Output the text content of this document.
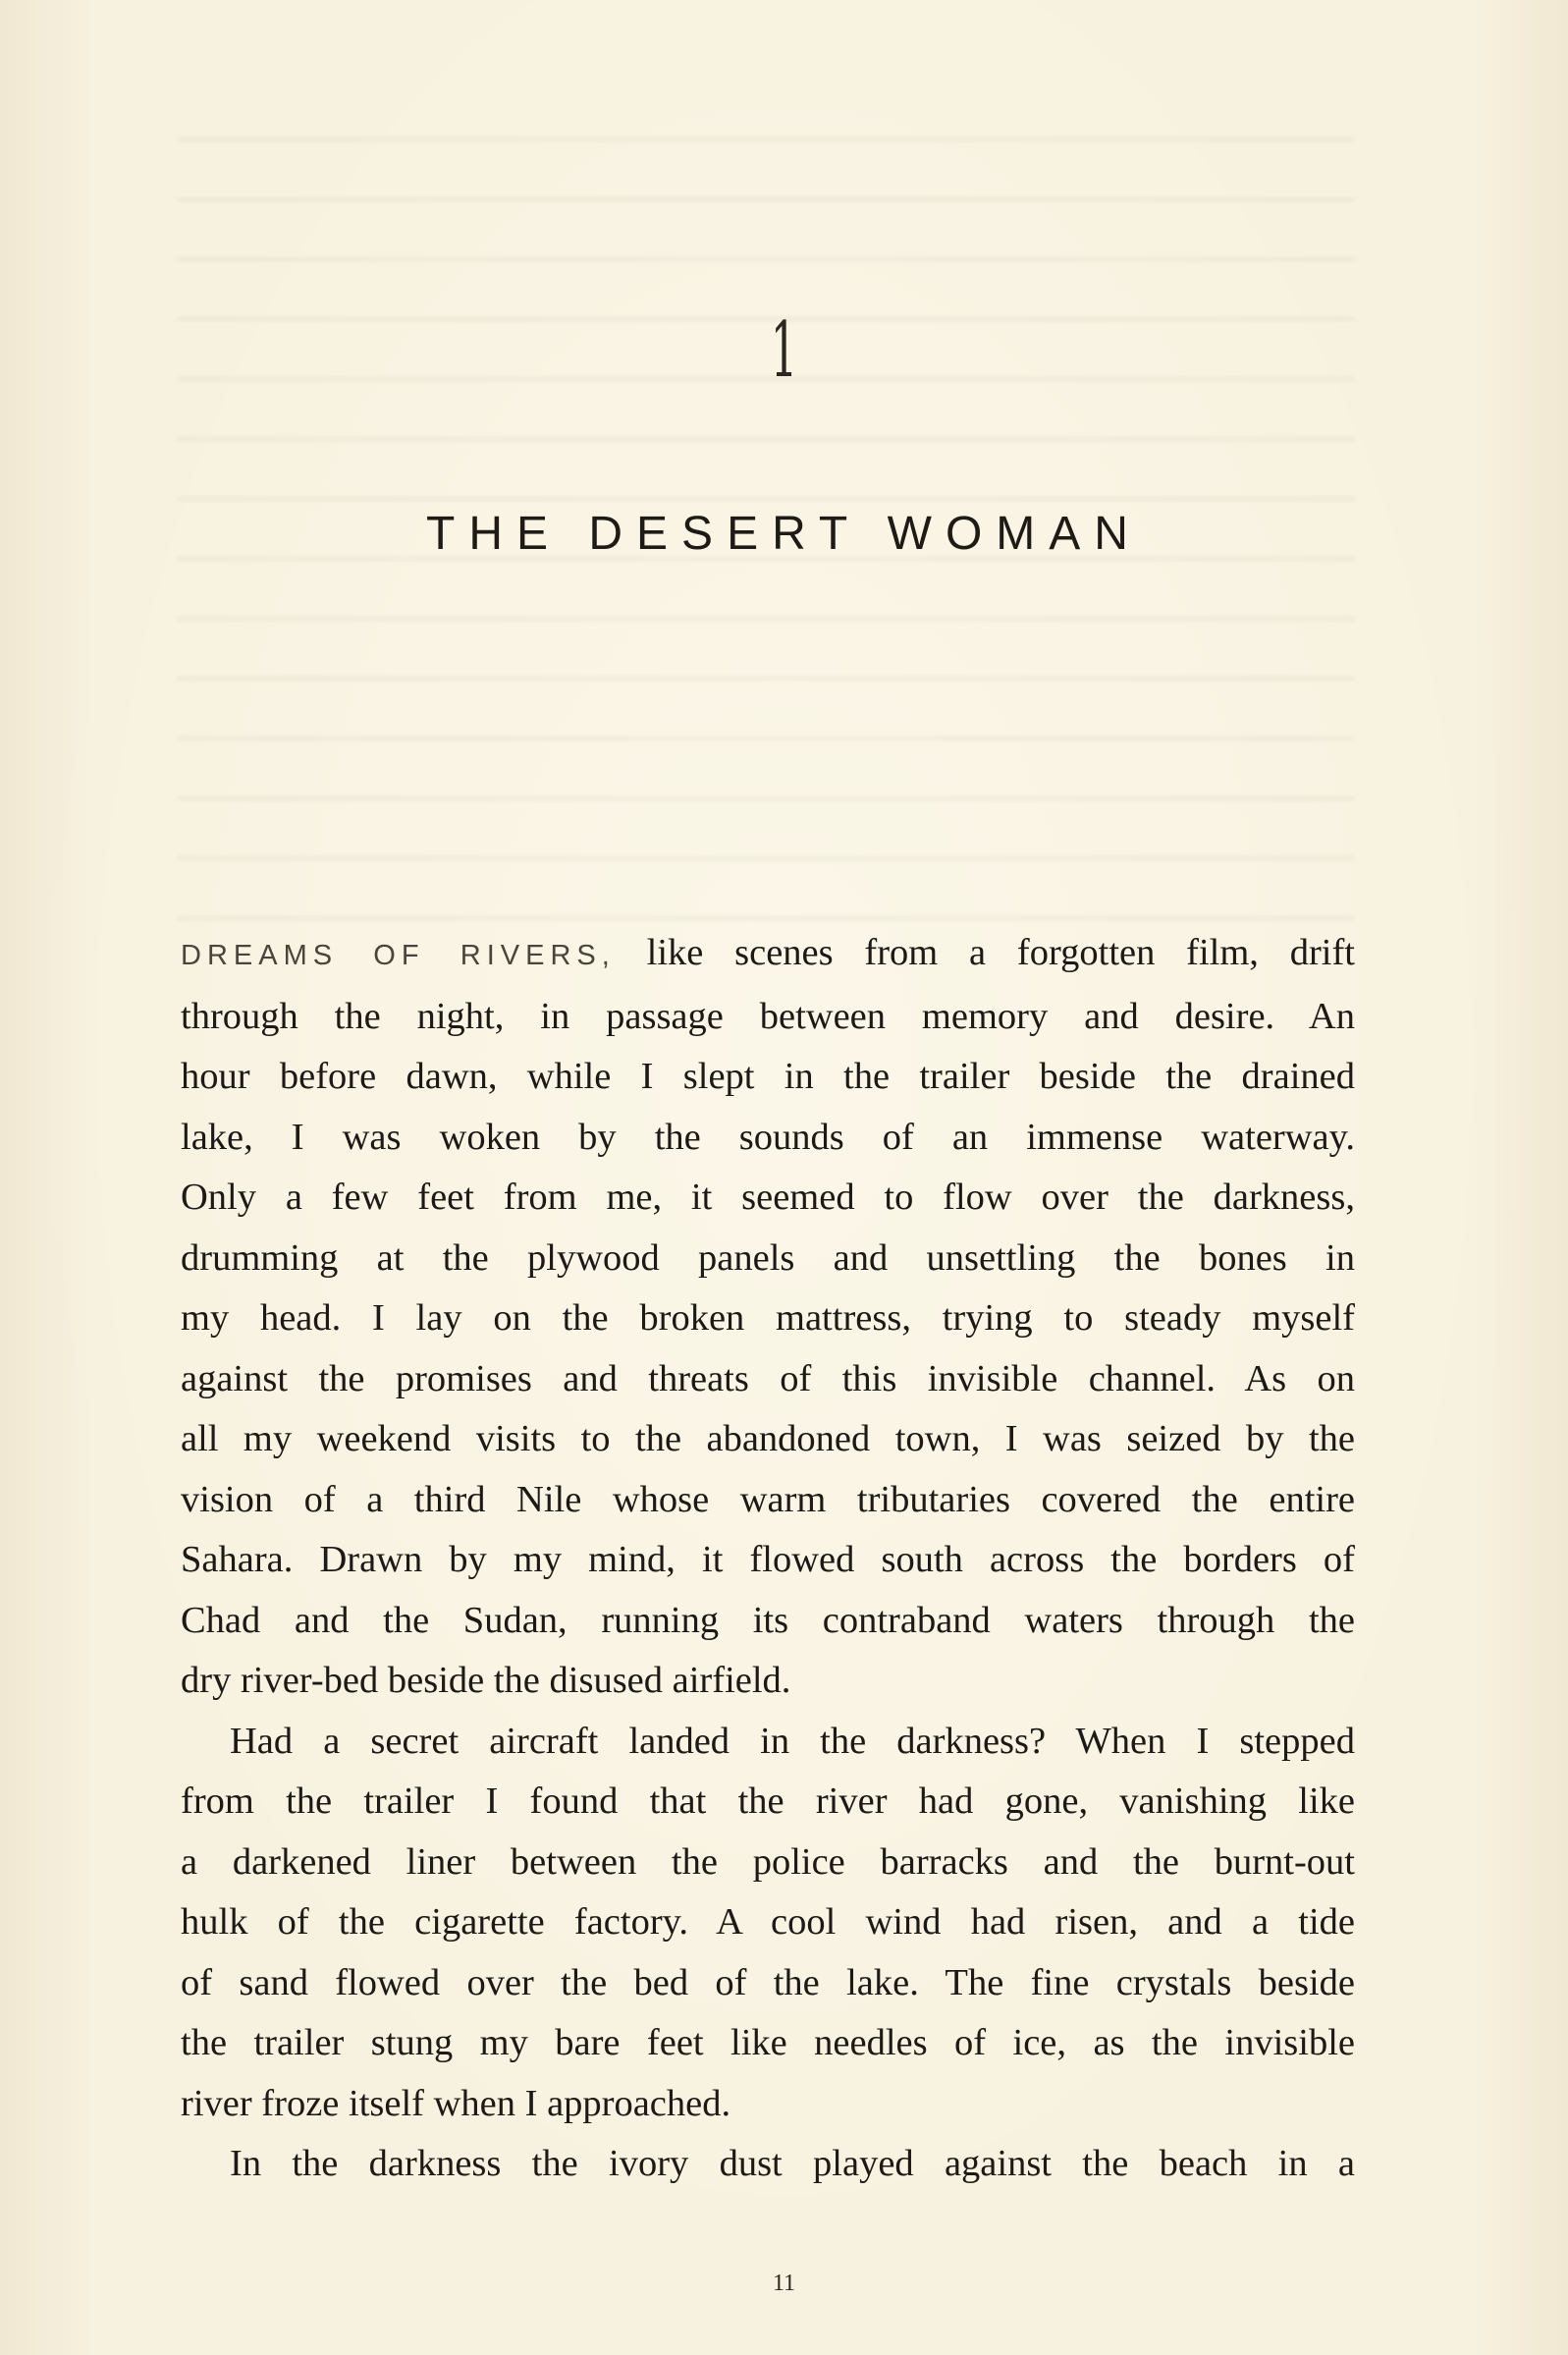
1
THE DESERT WOMAN

DREAMS OF RIVERS, like scenes from a forgotten film, drift
through the night, in passage between memory and desire. An
hour before dawn, while I slept in the trailer beside the drained
lake, I was woken by the sounds of an immense waterway.
Only a few feet from me, it seemed to flow over the darkness,
drumming at the plywood panels and unsettling the bones in
my head. I lay on the broken mattress, trying to steady myself
against the promises and threats of this invisible channel. As on
all my weekend visits to the abandoned town, I was seized by the
vision of a third Nile whose warm tributaries covered the entire
Sahara. Drawn by my mind, it flowed south across the borders of
Chad and the Sudan, running its contraband waters through the
dry river-bed beside the disused airfield.

Had a secret aircraft landed in the darkness? When I stepped
from the trailer I found that the river had gone, vanishing like
a darkened liner between the police barracks and the burnt-out
hulk of the cigarette factory. A cool wind had risen, and a tide
of sand flowed over the bed of the lake. The fine crystals beside
the trailer stung my bare feet like needles of ice, as the invisible
river froze itself when I approached.

In the darkness the ivory dust played against the beach in a

11
